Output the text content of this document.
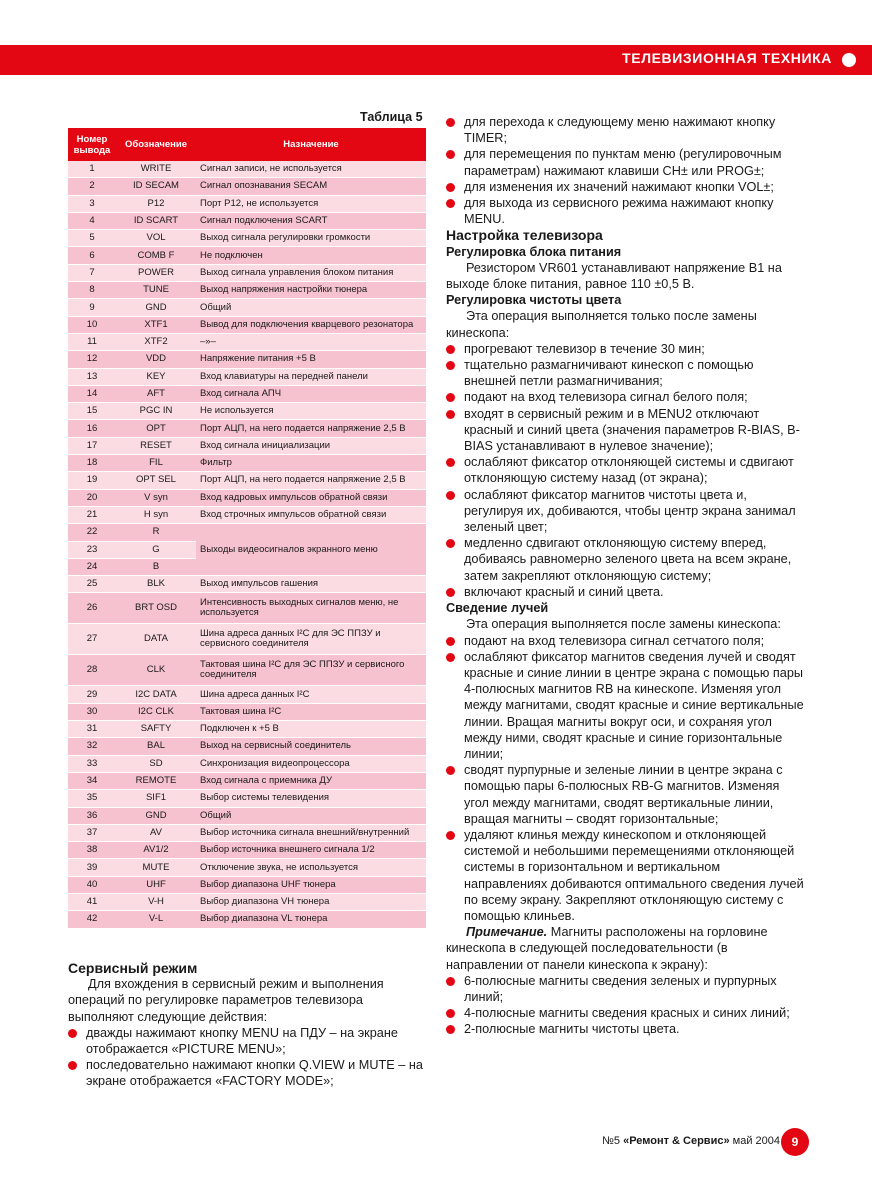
ТЕЛЕВИЗИОННАЯ ТЕХНИКА
Таблица 5
Номер вывода	Обозначение	Назначение
1	WRITE	Сигнал записи, не используется
2	ID SECAM	Сигнал опознавания SECAM
3	P12	Порт P12, не используется
4	ID SCART	Сигнал подключения SCART
5	VOL	Выход сигнала регулировки громкости
6	COMB F	Не подключен
7	POWER	Выход сигнала управления блоком питания
8	TUNE	Выход напряжения настройки тюнера
9	GND	Общий
10	XTF1	Вывод для подключения кварцевого резонатора
11	XTF2	–»–
12	VDD	Напряжение питания +5 В
13	KEY	Вход клавиатуры на передней панели
14	AFT	Вход сигнала АПЧ
15	PGC IN	Не используется
16	OPT	Порт АЦП, на него подается напряжение 2,5 В
17	RESET	Вход сигнала инициализации
18	FIL	Фильтр
19	OPT SEL	Порт АЦП, на него подается напряжение 2,5 В
20	V syn	Вход кадровых импульсов обратной связи
21	H syn	Вход строчных импульсов обратной связи
22	R	Выходы видеосигналов экранного меню
23	G	
24	B	
25	BLK	Выход импульсов гашения
26	BRT OSD	Интенсивность выходных сигналов меню, не используется
27	DATA	Шина адреса данных I²C для ЭС ППЗУ и сервисного соединителя
28	CLK	Тактовая шина I²C для ЭС ППЗУ и сервисного соединителя
29	I2C DATA	Шина адреса данных I²C
30	I2C CLK	Тактовая шина I²C
31	SAFTY	Подключен к +5 В
32	BAL	Выход на сервисный соединитель
33	SD	Синхронизация видеопроцессора
34	REMOTE	Вход сигнала с приемника ДУ
35	SIF1	Выбор системы телевидения
36	GND	Общий
37	AV	Выбор источника сигнала внешний/внутренний
38	AV1/2	Выбор источника внешнего сигнала 1/2
39	MUTE	Отключение звука, не используется
40	UHF	Выбор диапазона UHF тюнера
41	V-H	Выбор диапазона VH тюнера
42	V-L	Выбор диапазона VL тюнера

Сервисный режим

Для вхождения в сервисный режим и выполнения операций по регулировке параметров телевизора выполняют следующие действия:

дважды нажимают кнопку MENU на ПДУ – на экране отображается «PICTURE MENU»;
последовательно нажимают кнопки Q.VIEW и MUTE – на экране отображается «FACTORY MODE»;
для перехода к следующему меню нажимают кнопку TIMER;
для перемещения по пунктам меню (регулировочным параметрам) нажимают клавиши CH± или PROG±;
для изменения их значений нажимают кнопки VOL±;
для выхода из сервисного режима нажимают кнопку MENU.

Настройка телевизора

Регулировка блока питания

Резистором VR601 устанавливают напряжение B1 на выходе блоке питания, равное 110 ±0,5 В.

Регулировка чистоты цвета

Эта операция выполняется только после замены кинескопа:

прогревают телевизор в течение 30 мин;
тщательно размагничивают кинескоп с помощью внешней петли размагничивания;
подают на вход телевизора сигнал белого поля;
входят в сервисный режим и в MENU2 отключают красный и синий цвета (значения параметров R-BIAS, B-BIAS устанавливают в нулевое значение);
ослабляют фиксатор отклоняющей системы и сдвигают отклоняющую систему назад (от экрана);
ослабляют фиксатор магнитов чистоты цвета и, регулируя их, добиваются, чтобы центр экрана занимал зеленый цвет;
медленно сдвигают отклоняющую систему вперед, добиваясь равномерно зеленого цвета на всем экране, затем закрепляют отклоняющую систему;
включают красный и синий цвета.

Сведение лучей

Эта операция выполняется после замены кинескопа:

подают на вход телевизора сигнал сетчатого поля;
ослабляют фиксатор магнитов сведения лучей и сводят красные и синие линии в центре экрана с помощью пары 4-полюсных магнитов RB на кинескопе. Изменяя угол между магнитами, сводят красные и синие вертикальные линии. Вращая магниты вокруг оси, и сохраняя угол между ними, сводят красные и синие горизонтальные линии;
сводят пурпурные и зеленые линии в центре экрана с помощью пары 6-полюсных RB-G магнитов. Изменяя угол между магнитами, сводят вертикальные линии, вращая магниты – сводят горизонтальные;
удаляют клинья между кинескопом и отклоняющей системой и небольшими перемещениями отклоняющей системы в горизонтальном и вертикальном направлениях добиваются оптимального сведения лучей по всему экрану. Закрепляют отклоняющую систему с помощью клиньев.

Примечание. Магниты расположены на горловине кинескопа в следующей последовательности (в направлении от панели кинескопа к экрану):

6-полюсные магниты сведения зеленых и пурпурных линий;
4-полюсные магниты сведения красных и синих линий;
2-полюсные магниты чистоты цвета.
№5 «Ремонт & Сервис» май 2004 9
